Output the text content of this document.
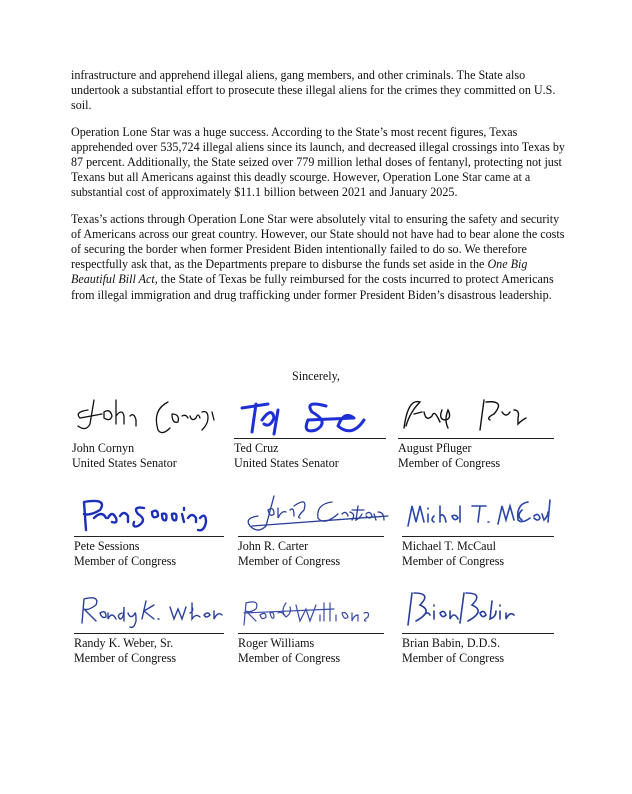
infrastructure and apprehend illegal aliens, gang members, and other criminals. The State also undertook a substantial effort to prosecute these illegal aliens for the crimes they committed on U.S. soil.

Operation Lone Star was a huge success. According to the State’s most recent figures, Texas apprehended over 535,724 illegal aliens since its launch, and decreased illegal crossings into Texas by 87 percent. Additionally, the State seized over 779 million lethal doses of fentanyl, protecting not just Texans but all Americans against this deadly scourge. However, Operation Lone Star came at a substantial cost of approximately $11.1 billion between 2021 and January 2025.

Texas’s actions through Operation Lone Star were absolutely vital to ensuring the safety and security of Americans across our great country. However, our State should not have had to bear alone the costs of securing the border when former President Biden intentionally failed to do so. We therefore respectfully ask that, as the Departments prepare to disburse the funds set aside in the One Big Beautiful Bill Act, the State of Texas be fully reimbursed for the costs incurred to protect Americans from illegal immigration and drug trafficking under former President Biden’s disastrous leadership.

Sincerely,
John Cornyn
United States Senator
Ted Cruz
United States Senator
August Pfluger
Member of Congress
Pete Sessions
Member of Congress
John R. Carter
Member of Congress
Michael T. McCaul
Member of Congress
Randy K. Weber, Sr.
Member of Congress
Roger Williams
Member of Congress
Brian Babin, D.D.S.
Member of Congress
